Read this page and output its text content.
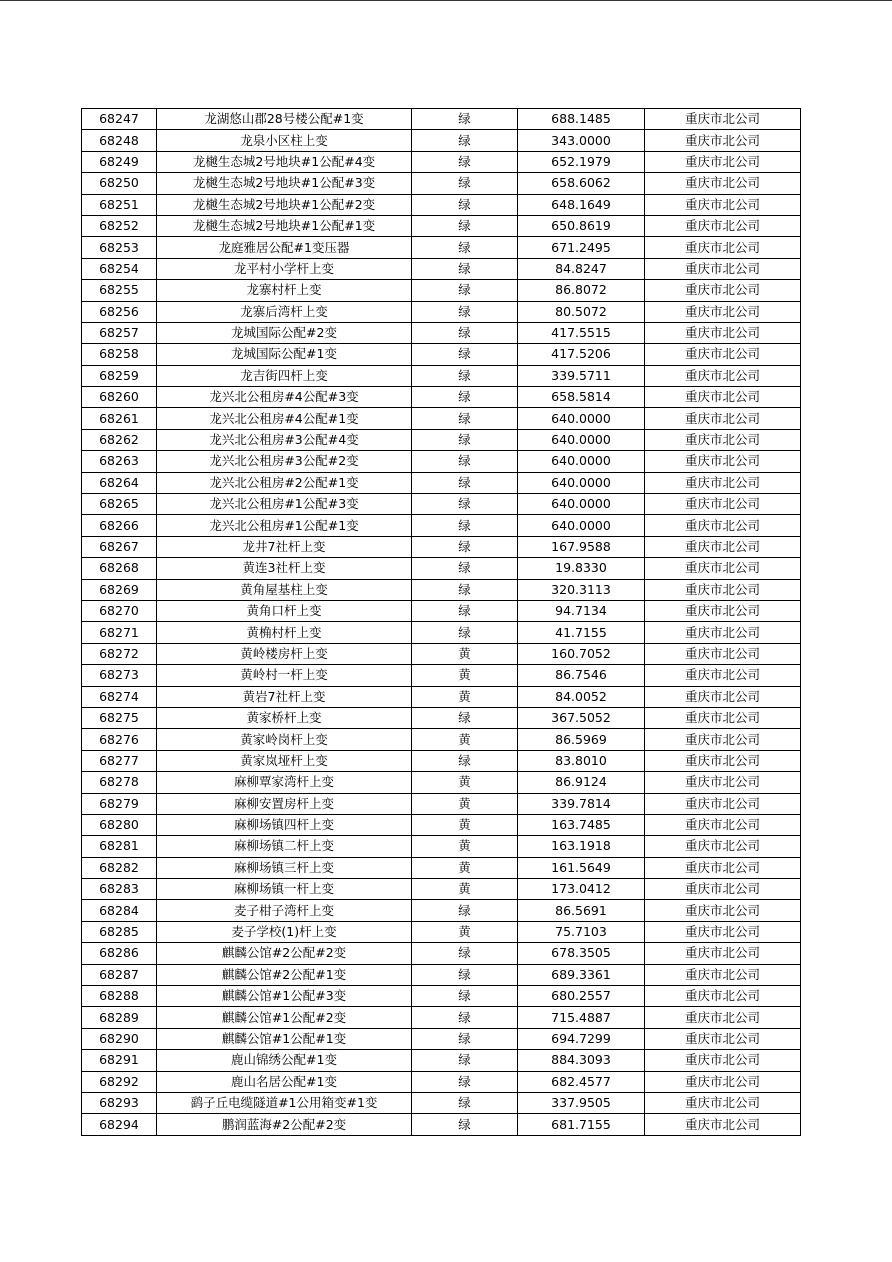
68247	龙湖悠山郡28号楼公配#1变	绿	688.1485	重庆市北公司
68248	龙泉小区柱上变	绿	343.0000	重庆市北公司
68249	龙樾生态城2号地块#1公配#4变	绿	652.1979	重庆市北公司
68250	龙樾生态城2号地块#1公配#3变	绿	658.6062	重庆市北公司
68251	龙樾生态城2号地块#1公配#2变	绿	648.1649	重庆市北公司
68252	龙樾生态城2号地块#1公配#1变	绿	650.8619	重庆市北公司
68253	龙庭雅居公配#1变压器	绿	671.2495	重庆市北公司
68254	龙平村小学杆上变	绿	84.8247	重庆市北公司
68255	龙寨村杆上变	绿	86.8072	重庆市北公司
68256	龙寨后湾杆上变	绿	80.5072	重庆市北公司
68257	龙城国际公配#2变	绿	417.5515	重庆市北公司
68258	龙城国际公配#1变	绿	417.5206	重庆市北公司
68259	龙吉街四杆上变	绿	339.5711	重庆市北公司
68260	龙兴北公租房#4公配#3变	绿	658.5814	重庆市北公司
68261	龙兴北公租房#4公配#1变	绿	640.0000	重庆市北公司
68262	龙兴北公租房#3公配#4变	绿	640.0000	重庆市北公司
68263	龙兴北公租房#3公配#2变	绿	640.0000	重庆市北公司
68264	龙兴北公租房#2公配#1变	绿	640.0000	重庆市北公司
68265	龙兴北公租房#1公配#3变	绿	640.0000	重庆市北公司
68266	龙兴北公租房#1公配#1变	绿	640.0000	重庆市北公司
68267	龙井7社杆上变	绿	167.9588	重庆市北公司
68268	黄连3社杆上变	绿	19.8330	重庆市北公司
68269	黄角屋基柱上变	绿	320.3113	重庆市北公司
68270	黄角口杆上变	绿	94.7134	重庆市北公司
68271	黄桷村杆上变	绿	41.7155	重庆市北公司
68272	黄岭楼房杆上变	黄	160.7052	重庆市北公司
68273	黄岭村一杆上变	黄	86.7546	重庆市北公司
68274	黄岩7社杆上变	黄	84.0052	重庆市北公司
68275	黄家桥杆上变	绿	367.5052	重庆市北公司
68276	黄家岭岗杆上变	黄	86.5969	重庆市北公司
68277	黄家岚垭杆上变	绿	83.8010	重庆市北公司
68278	麻柳覃家湾杆上变	黄	86.9124	重庆市北公司
68279	麻柳安置房杆上变	黄	339.7814	重庆市北公司
68280	麻柳场镇四杆上变	黄	163.7485	重庆市北公司
68281	麻柳场镇二杆上变	黄	163.1918	重庆市北公司
68282	麻柳场镇三杆上变	黄	161.5649	重庆市北公司
68283	麻柳场镇一杆上变	黄	173.0412	重庆市北公司
68284	麦子柑子湾杆上变	绿	86.5691	重庆市北公司
68285	麦子学校(1)杆上变	黄	75.7103	重庆市北公司
68286	麒麟公馆#2公配#2变	绿	678.3505	重庆市北公司
68287	麒麟公馆#2公配#1变	绿	689.3361	重庆市北公司
68288	麒麟公馆#1公配#3变	绿	680.2557	重庆市北公司
68289	麒麟公馆#1公配#2变	绿	715.4887	重庆市北公司
68290	麒麟公馆#1公配#1变	绿	694.7299	重庆市北公司
68291	鹿山锦绣公配#1变	绿	884.3093	重庆市北公司
68292	鹿山名居公配#1变	绿	682.4577	重庆市北公司
68293	鹞子丘电缆隧道#1公用箱变#1变	绿	337.9505	重庆市北公司
68294	鹏润蓝海#2公配#2变	绿	681.7155	重庆市北公司
